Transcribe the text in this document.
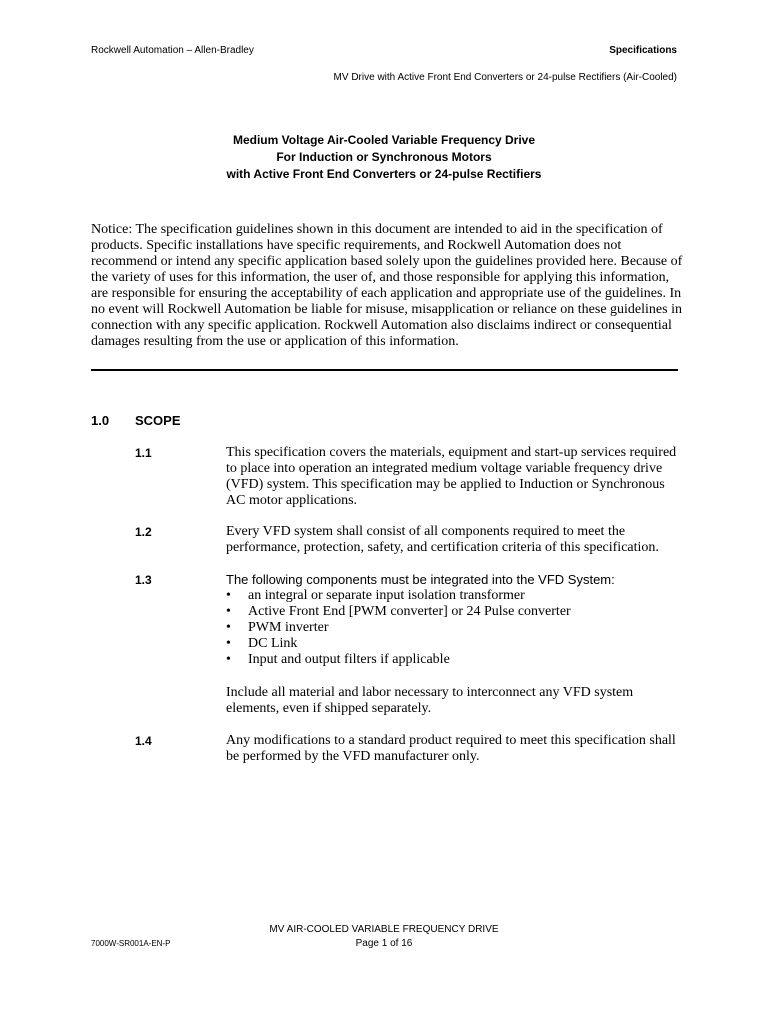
Rockwell Automation – Allen-Bradley	Specifications
MV Drive with Active Front End Converters or 24-pulse Rectifiers (Air-Cooled)
Medium Voltage Air-Cooled Variable Frequency Drive
For Induction or Synchronous Motors
with Active Front End Converters or 24-pulse Rectifiers
Notice: The specification guidelines shown in this document are intended to aid in the specification of
products. Specific installations have specific requirements, and Rockwell Automation does not
recommend or intend any specific application based solely upon the guidelines provided here. Because of
the variety of uses for this information, the user of, and those responsible for applying this information,
are responsible for ensuring the acceptability of each application and appropriate use of the guidelines. In
no event will Rockwell Automation be liable for misuse, misapplication or reliance on these guidelines in
connection with any specific application. Rockwell Automation also disclaims indirect or consequential
damages resulting from the use or application of this information.
1.0 SCOPE
1.1	This specification covers the materials, equipment and start-up services required
to place into operation an integrated medium voltage variable frequency drive
(VFD) system. This specification may be applied to Induction or Synchronous
AC motor applications.
1.2	Every VFD system shall consist of all components required to meet the
performance, protection, safety, and certification criteria of this specification.
1.3	The following components must be integrated into the VFD System:
• an integral or separate input isolation transformer
• Active Front End [PWM converter] or 24 Pulse converter
• PWM inverter
• DC Link
• Input and output filters if applicable
Include all material and labor necessary to interconnect any VFD system
elements, even if shipped separately.
1.4	Any modifications to a standard product required to meet this specification shall
be performed by the VFD manufacturer only.
MV AIR-COOLED VARIABLE FREQUENCY DRIVE
Page 1 of 16
7000W-SR001A-EN-P
